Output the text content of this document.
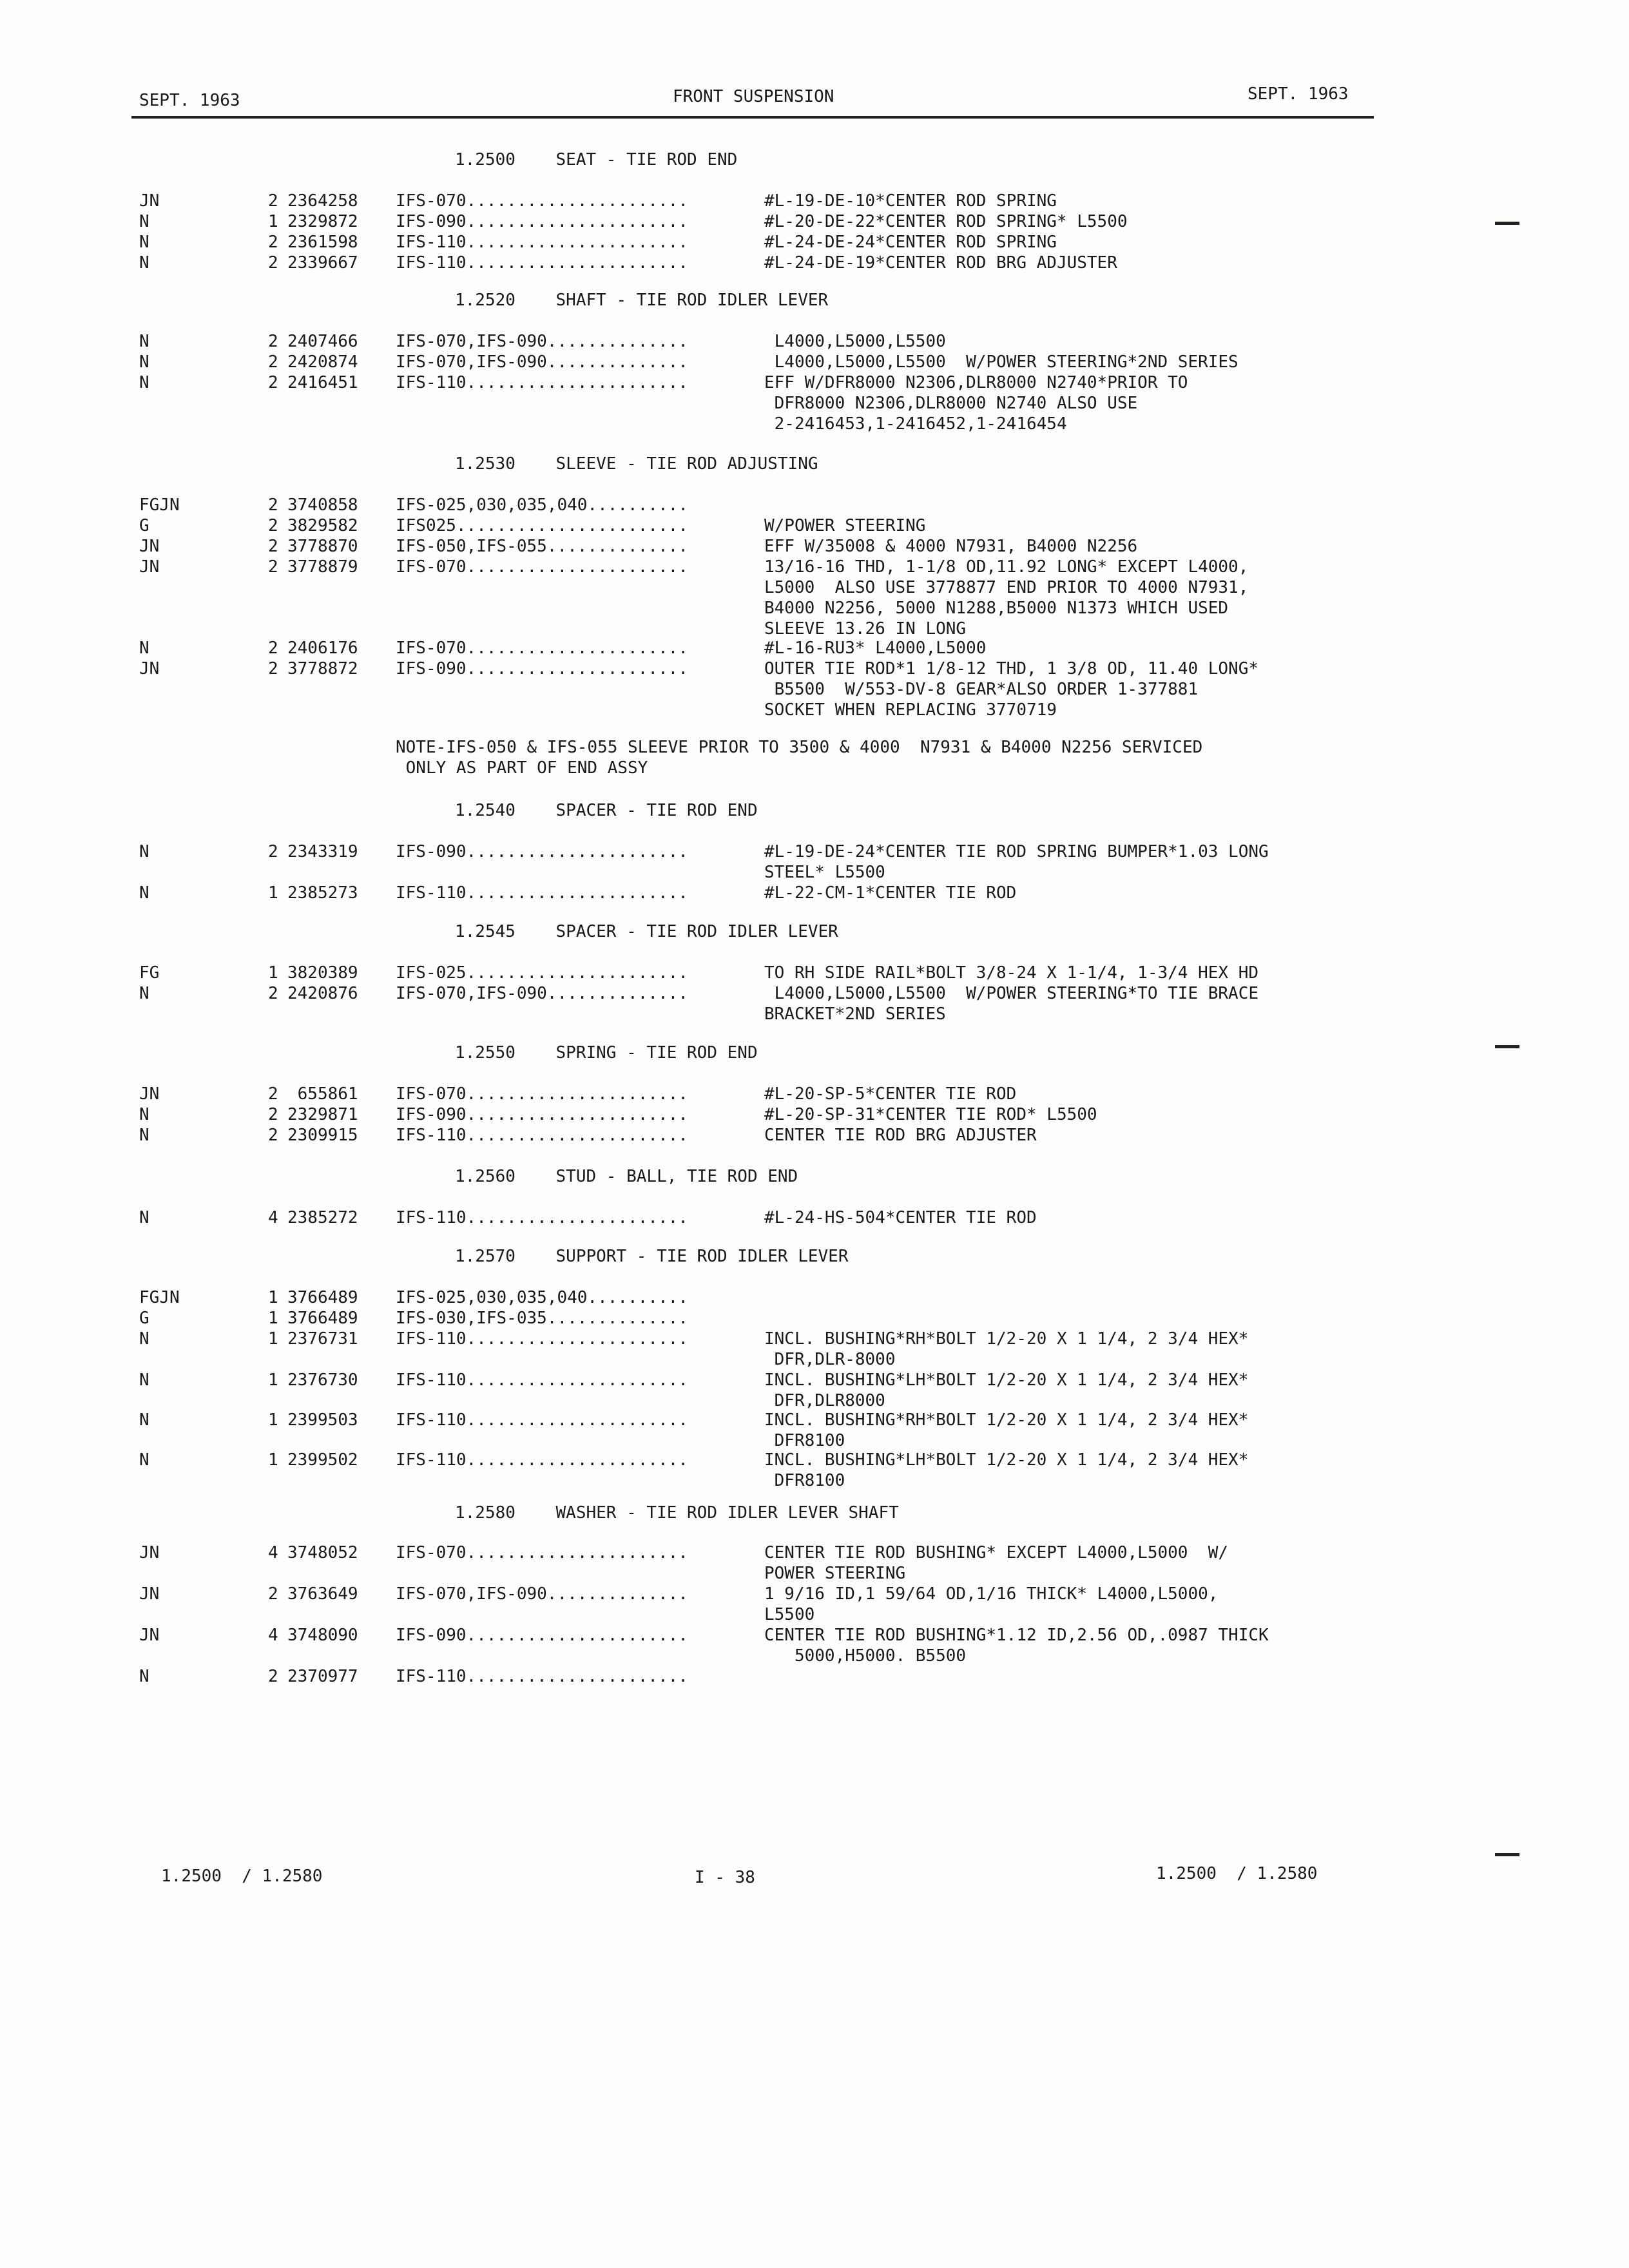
SEPT. 1963	FRONT SUSPENSION	SEPT. 1963
1.2500    SEAT - TIE ROD END
JN	2 2364258 IFS-070......................	#L-19-DE-10*CENTER ROD SPRING
N	1 2329872 IFS-090......................	#L-20-DE-22*CENTER ROD SPRING* L5500
N	2 2361598 IFS-110......................	#L-24-DE-24*CENTER ROD SPRING
N	2 2339667 IFS-110......................	#L-24-DE-19*CENTER ROD BRG ADJUSTER
1.2520    SHAFT - TIE ROD IDLER LEVER
N	2 2407466 IFS-070,IFS-090..............	L4000,L5000,L5500
N	2 2420874 IFS-070,IFS-090..............	L4000,L5000,L5500  W/POWER STEERING*2ND SERIES
N	2 2416451 IFS-110......................	EFF W/DFR8000 N2306,DLR8000 N2740*PRIOR TO
DFR8000 N2306,DLR8000 N2740 ALSO USE
2-2416453,1-2416452,1-2416454
1.2530    SLEEVE - TIE ROD ADJUSTING
FGJN	2 3740858 IFS-025,030,035,040..........
G	2 3829582 IFS025.......................	W/POWER STEERING
JN	2 3778870 IFS-050,IFS-055..............	EFF W/35008 & 4000 N7931, B4000 N2256
JN	2 3778879 IFS-070......................	13/16-16 THD, 1-1/8 OD,11.92 LONG* EXCEPT L4000,
L5000  ALSO USE 3778877 END PRIOR TO 4000 N7931,
B4000 N2256, 5000 N1288,B5000 N1373 WHICH USED
SLEEVE 13.26 IN LONG
N	2 2406176 IFS-070......................	#L-16-RU3* L4000,L5000
JN	2 3778872 IFS-090......................	OUTER TIE ROD*1 1/8-12 THD, 1 3/8 OD, 11.40 LONG*
B5500  W/553-DV-8 GEAR*ALSO ORDER 1-377881
SOCKET WHEN REPLACING 3770719
NOTE-IFS-050 & IFS-055 SLEEVE PRIOR TO 3500 & 4000  N7931 & B4000 N2256 SERVICED
ONLY AS PART OF END ASSY
1.2540    SPACER - TIE ROD END
N	2 2343319 IFS-090......................	#L-19-DE-24*CENTER TIE ROD SPRING BUMPER*1.03 LONG
STEEL* L5500
N	1 2385273 IFS-110......................	#L-22-CM-1*CENTER TIE ROD
1.2545    SPACER - TIE ROD IDLER LEVER
FG	1 3820389 IFS-025......................	TO RH SIDE RAIL*BOLT 3/8-24 X 1-1/4, 1-3/4 HEX HD
N	2 2420876 IFS-070,IFS-090..............	L4000,L5000,L5500  W/POWER STEERING*TO TIE BRACE
BRACKET*2ND SERIES
1.2550    SPRING - TIE ROD END
JN	2 655861 IFS-070......................	#L-20-SP-5*CENTER TIE ROD
N	2 2329871 IFS-090......................	#L-20-SP-31*CENTER TIE ROD* L5500
N	2 2309915 IFS-110......................	CENTER TIE ROD BRG ADJUSTER
1.2560    STUD - BALL, TIE ROD END
N	4 2385272 IFS-110......................	#L-24-HS-504*CENTER TIE ROD
1.2570    SUPPORT - TIE ROD IDLER LEVER
FGJN	1 3766489 IFS-025,030,035,040..........
G	1 3766489 IFS-030,IFS-035..............
N	1 2376731 IFS-110......................	INCL. BUSHING*RH*BOLT 1/2-20 X 1 1/4, 2 3/4 HEX*
DFR,DLR-8000
N	1 2376730 IFS-110......................	INCL. BUSHING*LH*BOLT 1/2-20 X 1 1/4, 2 3/4 HEX*
DFR,DLR8000
N	1 2399503 IFS-110......................	INCL. BUSHING*RH*BOLT 1/2-20 X 1 1/4, 2 3/4 HEX*
DFR8100
N	1 2399502 IFS-110......................	INCL. BUSHING*LH*BOLT 1/2-20 X 1 1/4, 2 3/4 HEX*
DFR8100
1.2580    WASHER - TIE ROD IDLER LEVER SHAFT
JN	4 3748052 IFS-070......................	CENTER TIE ROD BUSHING* EXCEPT L4000,L5000  W/
POWER STEERING
JN	2 3763649 IFS-070,IFS-090..............	1 9/16 ID,1 59/64 OD,1/16 THICK* L4000,L5000,
L5500
JN	4 3748090 IFS-090......................	CENTER TIE ROD BUSHING*1.12 ID,2.56 OD,.0987 THICK
5000,H5000. B5500
N	2 2370977 IFS-110......................
1.2500  / 1.2580	I - 38	1.2500  / 1.2580
